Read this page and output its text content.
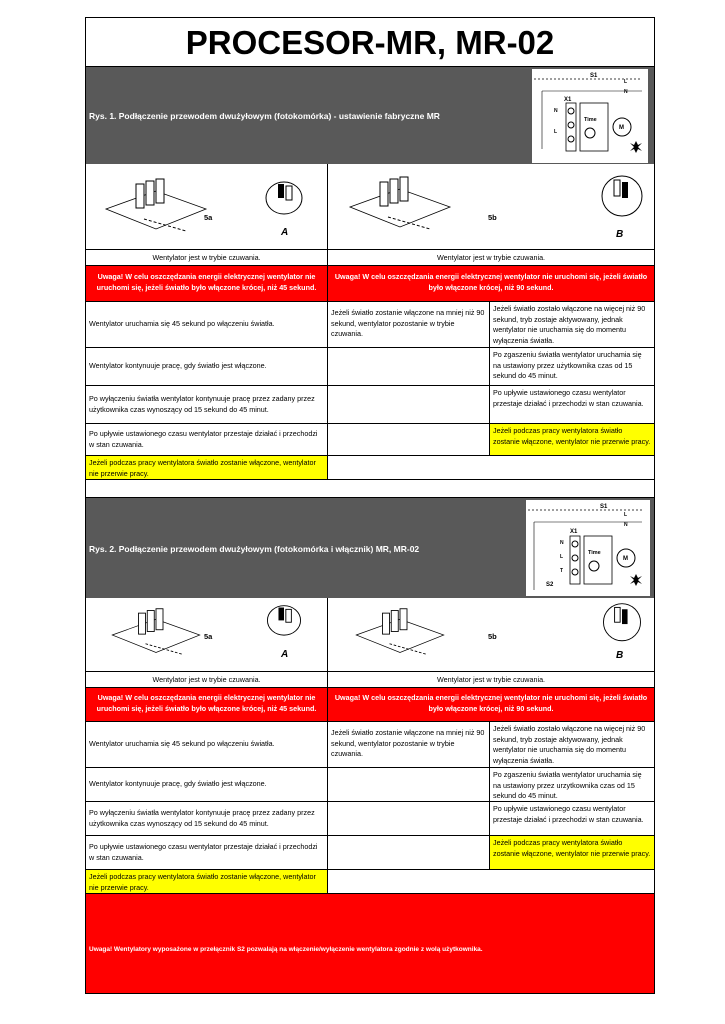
PROCESOR-MR, MR-02
Rys. 1. Podłączenie przewodem dwużyłowym (fotokomórka) - ustawienie fabryczne MR
S1
L
N
X1
N
L
Time
M
5a
A
5b
B
Wentylator jest w trybie czuwania.	Wentylator jest w trybie czuwania.
Uwaga! W celu oszczędzania energii elektrycznej wentylator nie uruchomi się, jeżeli światło było włączone krócej, niż 45 sekund.
Uwaga! W celu oszczędzania energii elektrycznej wentylator nie uruchomi się, jeżeli światło było włączone krócej, niż 90 sekund.
Wentylator uruchamia się 45 sekund po włączeniu światła.
Jeżeli światło zostanie włączone na mniej niż 90 sekund, wentylator pozostanie w trybie czuwania.
Jeżeli światło zostało włączone na więcej niż 90 sekund, tryb zostaje aktywowany, jednak wentylator nie uruchamia się do momentu wyłączenia światła.
Wentylator kontynuuje pracę, gdy światło jest włączone.
Po zgaszeniu światła wentylator uruchamia się na ustawiony przez użytkownika czas od 15 sekund do 45 minut.
Po wyłączeniu światła wentylator kontynuuje pracę przez zadany przez użytkownika czas wynoszący od 15 sekund do 45 minut.
Po upływie ustawionego czasu wentylator przestaje działać i przechodzi w stan czuwania.
Po upływie ustawionego czasu wentylator przestaje działać i przechodzi w stan czuwania.
Jeżeli podczas pracy wentylatora światło zostanie włączone, wentylator nie przerwie pracy.
Jeżeli podczas pracy wentylatora światło zostanie włączone, wentylator nie przerwie pracy.
Rys. 2. Podłączenie przewodem dwużyłowym (fotokomórka i włącznik) MR, MR-02
S1
L
N
X1
N
L
T
S2
Time
M
5a
A
5b
B
Wentylator jest w trybie czuwania.	Wentylator jest w trybie czuwania.
Uwaga! W celu oszczędzania energii elektrycznej wentylator nie uruchomi się, jeżeli światło było włączone krócej, niż 45 sekund.
Uwaga! W celu oszczędzania energii elektrycznej wentylator nie uruchomi się, jeżeli światło było włączone krócej, niż 90 sekund.
Wentylator uruchamia się 45 sekund po włączeniu światła.
Jeżeli światło zostanie włączone na mniej niż 90 sekund, wentylator pozostanie w trybie czuwania.
Jeżeli światło zostało włączone na więcej niż 90 sekund, tryb zostaje aktywowany, jednak wentylator nie uruchamia się do momentu wyłączenia światła.
Wentylator kontynuuje pracę, gdy światło jest włączone.
Po zgaszeniu światła wentylator uruchamia się na ustawiony przez urzytkownika czas od 15 sekund do 45 minut.
Po wyłączeniu światła wentylator kontynuuje pracę przez zadany przez użytkownika czas wynoszący od 15 sekund do 45 minut.
Po upływie ustawionego czasu wentylator przestaje działać i przechodzi w stan czuwania.
Po upływie ustawionego czasu wentylator przestaje działać i przechodzi w stan czuwania.
Jeżeli podczas pracy wentylatora światło zostanie włączone, wentylator nie przerwie pracy.
Jeżeli podczas pracy wentylatora światło zostanie włączone, wentylator nie przerwie pracy.
Uwaga! Wentylatory wyposażone w przełącznik S2 pozwalają na włączenie/wyłączenie wentylatora zgodnie z wolą użytkownika.
